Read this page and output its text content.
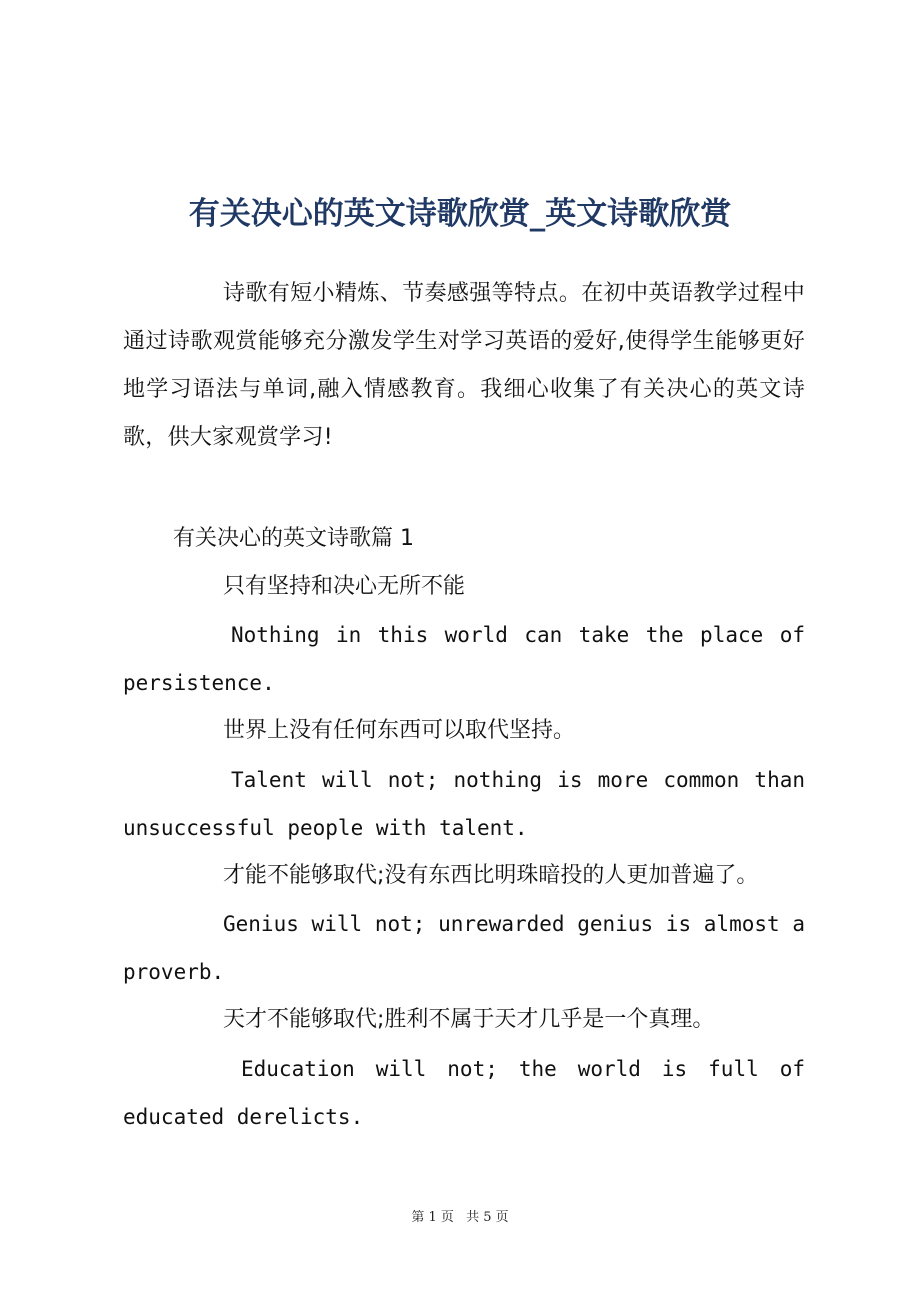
有关决心的英文诗歌欣赏_英文诗歌欣赏

诗歌有短小精炼、节奏感强等特点。在初中英语教学过程中通过诗歌观赏能够充分激发学生对学习英语的爱好,使得学生能够更好地学习语法与单词,融入情感教育。我细心收集了有关决心的英文诗歌，供大家观赏学习!

有关决心的英文诗歌篇 1

只有坚持和决心无所不能

Nothing in this world can take the place of persistence.

世界上没有任何东西可以取代坚持。

Talent will not; nothing is more common than unsuccessful people with talent.

才能不能够取代;没有东西比明珠暗投的人更加普遍了。

Genius will not; unrewarded genius is almost a proverb.

天才不能够取代;胜利不属于天才几乎是一个真理。

Education will not; the world is full of educated derelicts.

第 1 页 共 5 页
